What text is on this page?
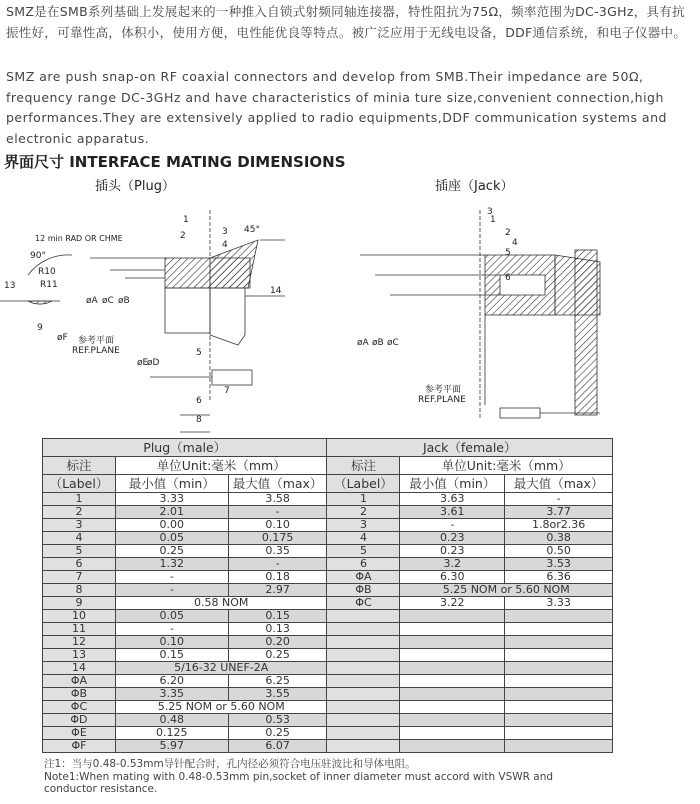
SMZ是在SMB系列基础上发展起来的一种推入自锁式射频同轴连接器，特性阻抗为75Ω，频率范围为DC-3GHz，具有抗振性好，可靠性高，体积小，使用方便，电性能优良等特点。被广泛应用于无线电设备，DDF通信系统，和电子仪器中。
SMZ are push snap-on RF coaxial connectors and develop from SMB.Their impedance are 50Ω, frequency range DC-3GHz and have characteristics of minia ture size,convenient connection,high performances.They are extensively applied to radio equipments,DDF communication systems and electronic apparatus.
界面尺寸 INTERFACE MATING DIMENSIONS
插头（Plug）
1
2	3
4
45°
12 min RAD OR CHME
90°
R10
R11
13
9
øF
øA øC øB
14
参考平面
REF.PLANE
øE
øD
5
7
6
8
插座（Jack）
3
1
2
4
5
6
øA øB øC
参考平面
REF.PLANE
Plug（male）			Jack（female）		
标注	单位Unit:毫米（mm）		标注	单位Unit:毫米（mm）	
（Label）	最小值（min）	最大值（max）	（Label）	最小值（min）	最大值（max）
1	3.33	3.58	1	3.63	-
2	2.01	-	2	3.61	3.77
3	0.00	0.10	3	-	1.8or2.36
4	0.05	0.175	4	0.23	0.38
5	0.25	0.35	5	0.23	0.50
6	1.32	-	6	3.2	3.53
7	-	0.18	ΦA	6.30	6.36
8	-	2.97	ΦB	5.25 NOM or 5.60 NOM	
9	0.58 NOM		ΦC	3.22	3.33
10	0.05	0.15			
11	-	0.13			
12	0.10	0.20			
13	0.15	0.25			
14	5/16-32 UNEF-2A				
ΦA	6.20	6.25			
ΦB	3.35	3.55			
ΦC	5.25 NOM or 5.60 NOM				
ΦD	0.48	0.53			
ΦE	0.125	0.25			
ΦF	5.97	6.07			
注1：当与0.48-0.53mm导针配合时，孔内径必须符合电压驻波比和导体电阻。
Note1:When mating with 0.48-0.53mm pin,socket of inner diameter must accord with VSWR and conductor resistance.
